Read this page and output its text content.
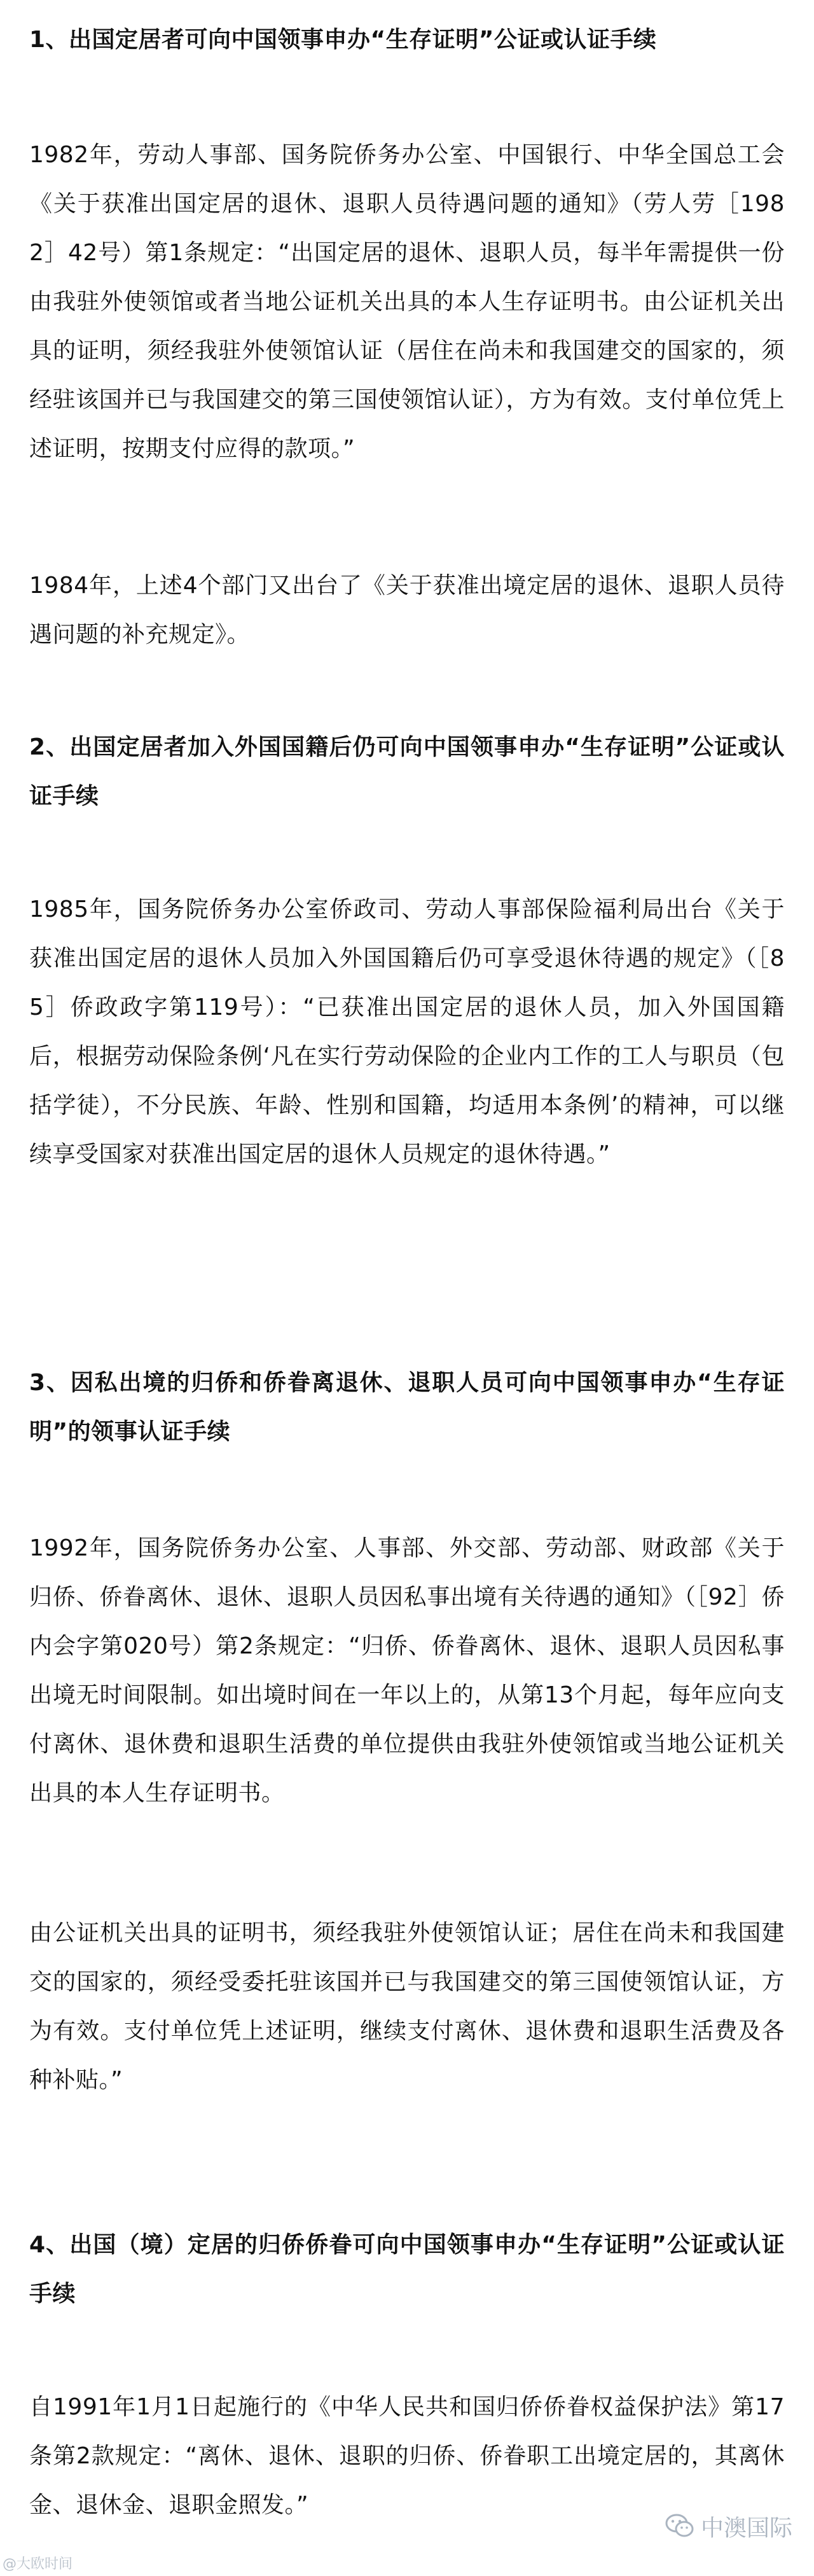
1、出国定居者可向中国领事申办“生存证明”公证或认证手续

1982年，劳动人事部、国务院侨务办公室、中国银行、中华全国总工会《关于获准出国定居的退休、退职人员待遇问题的通知》（劳人劳［1982］42号）第1条规定：“出国定居的退休、退职人员，每半年需提供一份由我驻外使领馆或者当地公证机关出具的本人生存证明书。由公证机关出具的证明，须经我驻外使领馆认证（居住在尚未和我国建交的国家的，须经驻该国并已与我国建交的第三国使领馆认证），方为有效。支付单位凭上述证明，按期支付应得的款项。”

1984年，上述4个部门又出台了《关于获准出境定居的退休、退职人员待遇问题的补充规定》。

2、出国定居者加入外国国籍后仍可向中国领事申办“生存证明”公证或认证手续

1985年，国务院侨务办公室侨政司、劳动人事部保险福利局出台《关于获准出国定居的退休人员加入外国国籍后仍可享受退休待遇的规定》（［85］侨政政字第119号）：“已获准出国定居的退休人员，加入外国国籍后，根据劳动保险条例‘凡在实行劳动保险的企业内工作的工人与职员（包括学徒），不分民族、年龄、性别和国籍，均适用本条例’的精神，可以继续享受国家对获准出国定居的退休人员规定的退休待遇。”

3、因私出境的归侨和侨眷离退休、退职人员可向中国领事申办“生存证明”的领事认证手续

1992年，国务院侨务办公室、人事部、外交部、劳动部、财政部《关于归侨、侨眷离休、退休、退职人员因私事出境有关待遇的通知》（［92］侨内会字第020号）第2条规定：“归侨、侨眷离休、退休、退职人员因私事出境无时间限制。如出境时间在一年以上的，从第13个月起，每年应向支付离休、退休费和退职生活费的单位提供由我驻外使领馆或当地公证机关出具的本人生存证明书。

由公证机关出具的证明书，须经我驻外使领馆认证；居住在尚未和我国建交的国家的，须经受委托驻该国并已与我国建交的第三国使领馆认证，方为有效。支付单位凭上述证明，继续支付离休、退休费和退职生活费及各种补贴。”

4、出国（境）定居的归侨侨眷可向中国领事申办“生存证明”公证或认证手续

自1991年1月1日起施行的《中华人民共和国归侨侨眷权益保护法》第17条第2款规定：“离休、退休、退职的归侨、侨眷职工出境定居的，其离休金、退休金、退职金照发。”

中澳国际
@大欧时间
